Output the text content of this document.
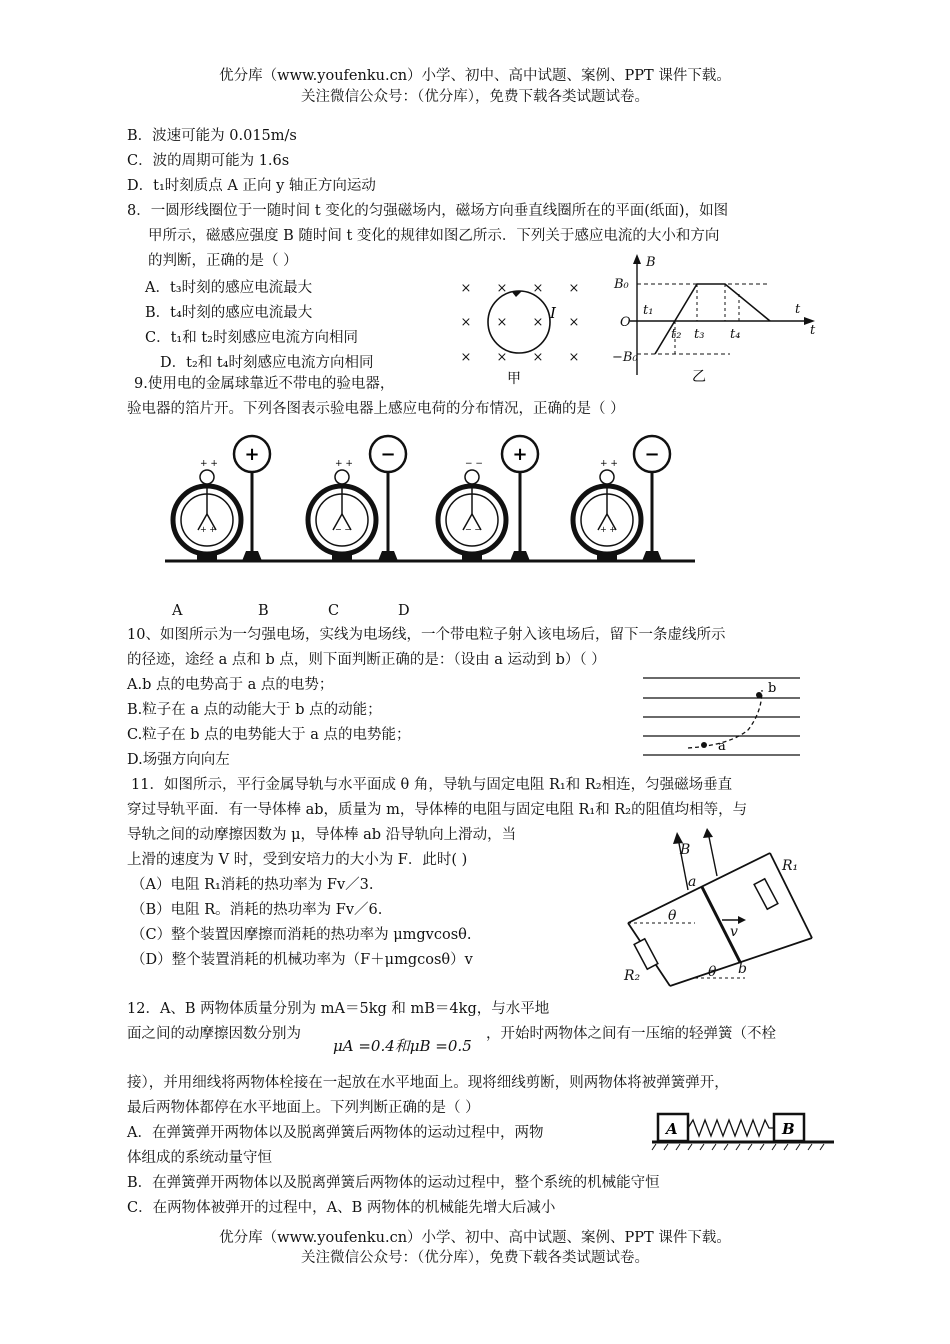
优分库（www.youfenku.cn）小学、初中、高中试题、案例、PPT 课件下载。
关注微信公众号：（优分库），免费下载各类试题试卷。
B．波速可能为 0.015m/s
C．波的周期可能为 1.6s
D．t₁时刻质点 A 正向 y 轴正方向运动
8．一圆形线圈位于一随时间 t 变化的匀强磁场内，磁场方向垂直线圈所在的平面(纸面)，如图
甲所示，磁感应强度 B 随时间 t 变化的规律如图乙所示．下列关于感应电流的大小和方向
的判断，正确的是（ ）
A．t₃时刻的感应电流最大
B．t₄时刻的感应电流最大
C．t₁和 t₂时刻感应电流方向相同
D．t₂和 t₄时刻感应电流方向相同
× × × ×
× × × ×
× × × ×
I
甲
B
B₀
−B₀
O
t
t
t₁
t₂ t₃ t₄
乙
9.使用电的金属球靠近不带电的验电器，
验电器的箔片开。下列各图表示验电器上感应电荷的分布情况，正确的是（ ）
+ +
+ +
+	+ +
− −
−	− −
− −
+	+ +
+ +
−
A	B	C	D
10、如图所示为一匀强电场，实线为电场线，一个带电粒子射入该电场后，留下一条虚线所示
的径迹，途经 a 点和 b 点，则下面判断正确的是：（设由 a 运动到 b）（ ）
A.b 点的电势高于 a 点的电势；
B.粒子在 a 点的动能大于 b 点的动能；
C.粒子在 b 点的电势能大于 a 点的电势能；
D.场强方向向左
a
b
11．如图所示，平行金属导轨与水平面成 θ 角，导轨与固定电阻 R₁和 R₂相连，匀强磁场垂直
穿过导轨平面．有一导体棒 ab，质量为 m，导体棒的电阻与固定电阻 R₁和 R₂的阻值均相等，与
导轨之间的动摩擦因数为 μ，导体棒 ab 沿导轨向上滑动，当
上滑的速度为 V 时，受到安培力的大小为 F．此时( )
（A）电阻 R₁消耗的热功率为 Fv／3.
（B）电阻 R。消耗的热功率为 Fv／6.
（C）整个装置因摩擦而消耗的热功率为 μmgvcosθ.
（D）整个装置消耗的机械功率为（F＋μmgcosθ）v
B
a
b
v
θ
θ
R₁
R₂
12．A、B 两物体质量分别为 mA＝5kg 和 mB＝4kg，与水平地
面之间的动摩擦因数分别为
μA =0.4和μB =0.5
，开始时两物体之间有一压缩的轻弹簧（不栓
接），并用细线将两物体栓接在一起放在水平地面上。现将细线剪断，则两物体将被弹簧弹开，
最后两物体都停在水平地面上。下列判断正确的是（ ）
A．在弹簧弹开两物体以及脱离弹簧后两物体的运动过程中，两物
体组成的系统动量守恒
B．在弹簧弹开两物体以及脱离弹簧后两物体的运动过程中，整个系统的机械能守恒
C．在两物体被弹开的过程中，A、B 两物体的机械能先增大后减小
A	B
优分库（www.youfenku.cn）小学、初中、高中试题、案例、PPT 课件下载。
关注微信公众号：（优分库），免费下载各类试题试卷。
